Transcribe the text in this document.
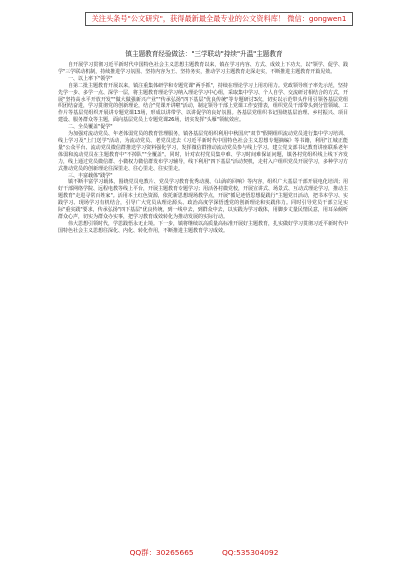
关注头条号"公文研究"，获得最新最全最专业的公文资料库！ 微信：gongwen1
镇主题教育经验做法："三学联动"持续"升温"主题教育

自开展学习贯彻习近平新时代中国特色社会主义思想主题教育以来，镇在学习内容、方式、成效上下功夫，以"领学、促学、践学"三学联动机制，持续推进学习氛围、坚持内容为王、坚持务实，推动学习主题教育走深走实，不断推进主题教育开篇见效。

一、以上率下"领学"

自第二批主题教育开展以来，镇注重集体研学和专题党课"两手抓"，持续在理论学习上用功用力。党政领导班子率先示范，坚持先学一步、多学一点、深学一层，将主题教育理论学习纳入理论学习中心组，采取集中学习、个人自学、交流研讨相结合的方式，开展"坚持高水平开放开发""做大做强新兴产业""传承弘扬"四下基层"优良传统"等专题研讨3次，切实以示范带头作用引领各基层党组织团结奋进，学习贯彻党的创新理论，结合"党课开讲啦"活动，制定领导干部上党课工作安排表，组织党员干部带头到分管领域、工作片等基层党组织开展讲专题党课13场，形成以讲带学、以讲促学的良好氛围。各基层党组织书记围绕基层治理、乡村振兴、项目建设、服务群众等主题，面向基层党员上专题党课26场，切实发挥"头雁"领航效应。

二、全员覆盖"促学"

为加强对流动党员、年老体弱党员的教育管理服务，镇各基层党组织利用中秋国庆"双节"假期组织流动党员进行集中学习培训、线上学习及"上门送学"活动，为流动党员、老党员送去《习近平新时代中国特色社会主义思想专题摘编》等书籍，利用"江城正能量"公众平台、流动党员微信群推送学习资料强化学习，发挥微信群推动流动党员参与线上学习。建立党支部书记教育讲座联系老年体弱和流动党员在主题教育中"不掉队""全覆盖"。同时，针对农村党员集中难、学习时间难保证问题，镇各村党组织线上线下齐发力，线上通过党员微信群、小微权力微信群发布学习辅导，线下利用"四下基层"活动契机，走村入户组织党员开展学习，多种学习方式推动党员的创新理论往深里走、往心里走、往实里走。

三、丰富载体"践学"

镇不断丰富学习载体，围绕党员电教片、党员学习教育优秀动漫、《山海的回响》等内容，组织广大基层干部开展电化培训；用好干部网络学院、远程电教等线上平台，开展主题教育专题学习；用活各村微党校，开展宣讲式、场景式、互动式理论学习，推动主题教育"走进寻常百姓家"。活用本土红色资源，依托新思想现场教学点，开展"循足迹悟思想促践行"主题党日活动，把书本学习、实践学习、现场学习有机结合，引导广大党员从理论源头、政治高度学深悟透党的创新理论和实践伟力。同时引导党员干部立足实际"重实践"要求，传承弘扬"四下基层"优良传统，到一线中去，到群众中去，以实践为学习载体，用脚步丈量民情民意，用耳朵倾听群众心声，切实为群众办实事，把学习教育成效转化为推动发展的实际行动。

伟大思想引领时代，学思践悟永无止境。下一步，镇将继续以高质量高标准开展好主题教育，扎实做好学习贯彻习近平新时代中国特色社会主义思想往深化、内化、转化作用，不断推进主题教育学习成效。

QQ群：30265665	QQ:535304092
